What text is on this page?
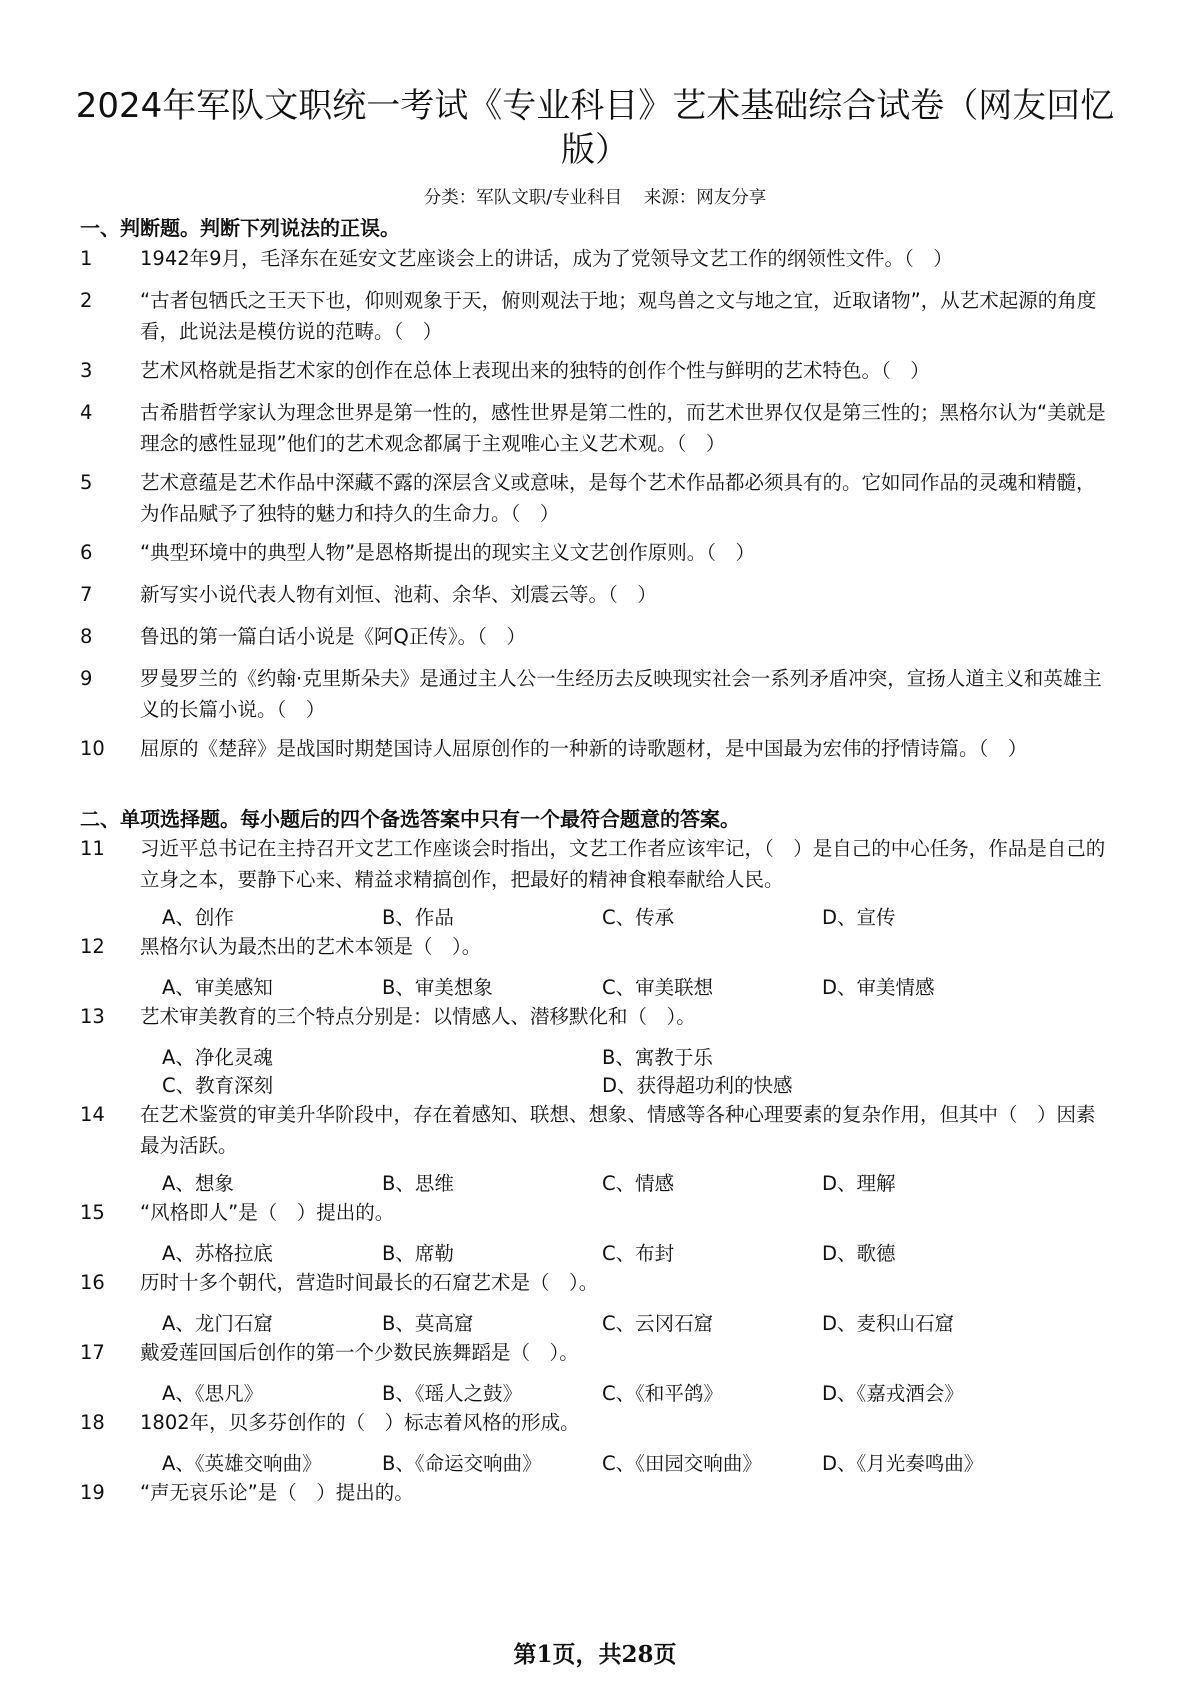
2024年军队文职统一考试《专业科目》艺术基础综合试卷（网友回忆版）
分类：军队文职/专业科目 来源：网友分享
一、判断题。判断下列说法的正误。
1	1942年9月，毛泽东在延安文艺座谈会上的讲话，成为了党领导文艺工作的纲领性文件。（　）
2	“古者包牺氏之王天下也，仰则观象于天，俯则观法于地；观鸟兽之文与地之宜，近取诸物”，从艺术起源的角度看，此说法是模仿说的范畴。（　）
3	艺术风格就是指艺术家的创作在总体上表现出来的独特的创作个性与鲜明的艺术特色。（　）
4	古希腊哲学家认为理念世界是第一性的，感性世界是第二性的，而艺术世界仅仅是第三性的；黑格尔认为“美就是理念的感性显现”他们的艺术观念都属于主观唯心主义艺术观。（　）
5	艺术意蕴是艺术作品中深藏不露的深层含义或意味，是每个艺术作品都必须具有的。它如同作品的灵魂和精髓，为作品赋予了独特的魅力和持久的生命力。（　）
6	“典型环境中的典型人物”是恩格斯提出的现实主义文艺创作原则。（　）
7	新写实小说代表人物有刘恒、池莉、余华、刘震云等。（　）
8	鲁迅的第一篇白话小说是《阿Q正传》。（　）
9	罗曼罗兰的《约翰·克里斯朵夫》是通过主人公一生经历去反映现实社会一系列矛盾冲突，宣扬人道主义和英雄主义的长篇小说。（　）
10	屈原的《楚辞》是战国时期楚国诗人屈原创作的一种新的诗歌题材，是中国最为宏伟的抒情诗篇。（　）
二、单项选择题。每小题后的四个备选答案中只有一个最符合题意的答案。
11	习近平总书记在主持召开文艺工作座谈会时指出，文艺工作者应该牢记，（　）是自己的中心任务，作品是自己的立身之本，要静下心来、精益求精搞创作，把最好的精神食粮奉献给人民。
A、创作	B、作品	C、传承	D、宣传
12	黑格尔认为最杰出的艺术本领是（　）。
A、审美感知	B、审美想象	C、审美联想	D、审美情感
13	艺术审美教育的三个特点分别是：以情感人、潜移默化和（　）。
A、净化灵魂	B、寓教于乐
C、教育深刻	D、获得超功利的快感
14	在艺术鉴赏的审美升华阶段中，存在着感知、联想、想象、情感等各种心理要素的复杂作用，但其中（　）因素最为活跃。
A、想象	B、思维	C、情感	D、理解
15	“风格即人”是（　）提出的。
A、苏格拉底	B、席勒	C、布封	D、歌德
16	历时十多个朝代，营造时间最长的石窟艺术是（　）。
A、龙门石窟	B、莫高窟	C、云冈石窟	D、麦积山石窟
17	戴爱莲回国后创作的第一个少数民族舞蹈是（　）。
A、《思凡》	B、《瑶人之鼓》	C、《和平鸽》	D、《嘉戎酒会》
18	1802年，贝多芬创作的（　）标志着风格的形成。
A、《英雄交响曲》	B、《命运交响曲》	C、《田园交响曲》	D、《月光奏鸣曲》
19	“声无哀乐论”是（　）提出的。
第1页，共28页
